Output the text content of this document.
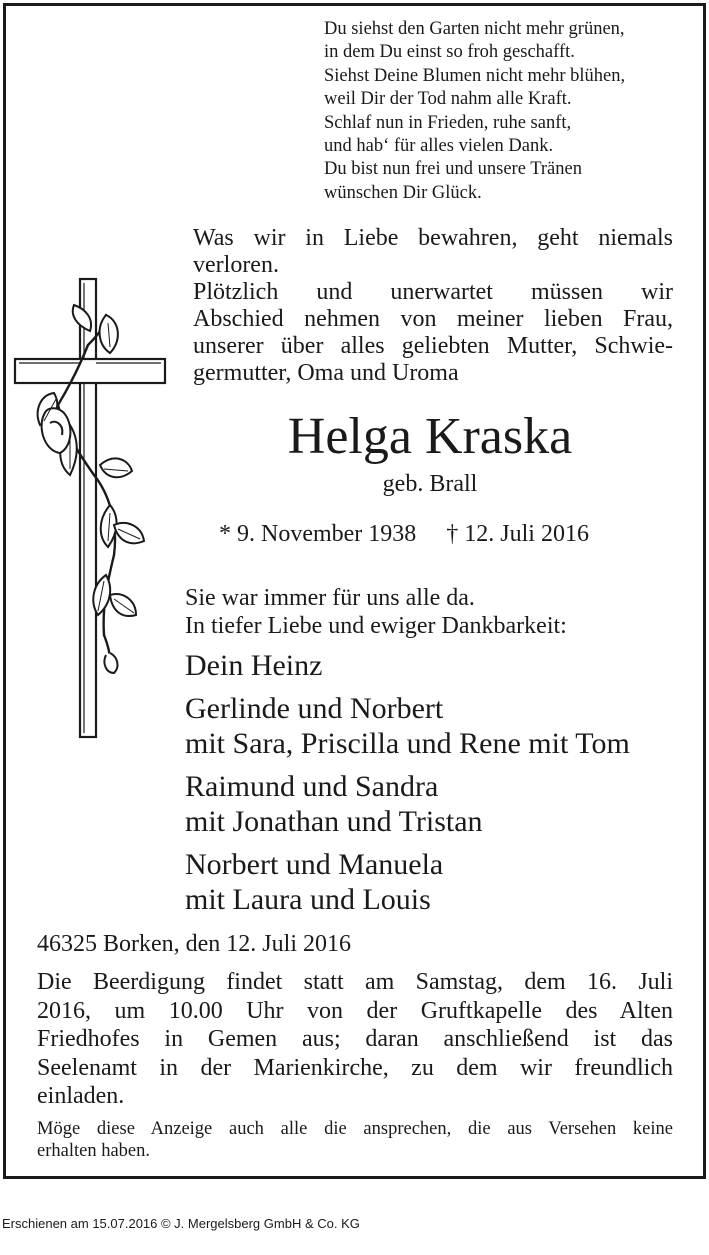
Du siehst den Garten nicht mehr grünen,
in dem Du einst so froh geschafft.
Siehst Deine Blumen nicht mehr blühen,
weil Dir der Tod nahm alle Kraft.
Schlaf nun in Frieden, ruhe sanft,
und hab‘ für alles vielen Dank.
Du bist nun frei und unsere Tränen
wünschen Dir Glück.
Was wir in Liebe bewahren, geht niemals
verloren.
Plötzlich und unerwartet müssen wir
Abschied nehmen von meiner lieben Frau,
unserer über alles geliebten Mutter, Schwie-
germutter, Oma und Uroma
Helga Kraska
geb. Brall
* 9. November 1938 † 12. Juli 2016
Sie war immer für uns alle da.
In tiefer Liebe und ewiger Dankbarkeit:
Dein Heinz
Gerlinde und Norbert
mit Sara, Priscilla und Rene mit Tom
Raimund und Sandra
mit Jonathan und Tristan
Norbert und Manuela
mit Laura und Louis
46325 Borken, den 12. Juli 2016
Die Beerdigung findet statt am Samstag, dem 16. Juli
2016, um 10.00 Uhr von der Gruftkapelle des Alten
Friedhofes in Gemen aus; daran anschließend ist das
Seelenamt in der Marienkirche, zu dem wir freundlich
einladen.
Möge diese Anzeige auch alle die ansprechen, die aus Versehen keine
erhalten haben.
Erschienen am 15.07.2016 © J. Mergelsberg GmbH & Co. KG
